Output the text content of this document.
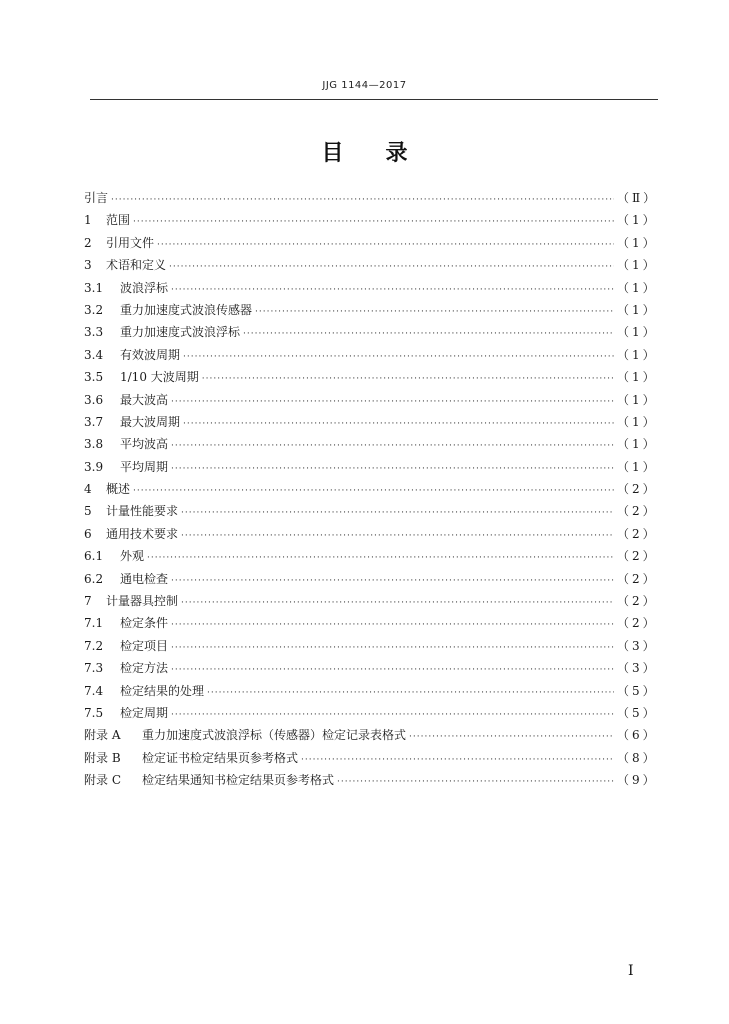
JJG 1144—2017
目 录
引言 ·····	（Ⅱ）
1	范围 ·····	（1）
2	引用文件 ·····	（1）
3	术语和定义 ·····	（1）
3.1	波浪浮标 ·····	（1）
3.2	重力加速度式波浪传感器 ·····	（1）
3.3	重力加速度式波浪浮标 ·····	（1）
3.4	有效波周期 ·····	（1）
3.5	1/10 大波周期 ·····	（1）
3.6	最大波高 ·····	（1）
3.7	最大波周期 ·····	（1）
3.8	平均波高 ·····	（1）
3.9	平均周期 ·····	（1）
4	概述 ·····	（2）
5	计量性能要求 ·····	（2）
6	通用技术要求 ·····	（2）
6.1	外观 ·····	（2）
6.2	通电检查 ·····	（2）
7	计量器具控制 ·····	（2）
7.1	检定条件 ·····	（2）
7.2	检定项目 ·····	（3）
7.3	检定方法 ·····	（3）
7.4	检定结果的处理 ·····	（5）
7.5	检定周期 ·····	（5）
附录 A	重力加速度式波浪浮标（传感器）检定记录表格式 ·····	（6）
附录 B	检定证书检定结果页参考格式 ·····	（8）
附录 C	检定结果通知书检定结果页参考格式 ·····	（9）
I
